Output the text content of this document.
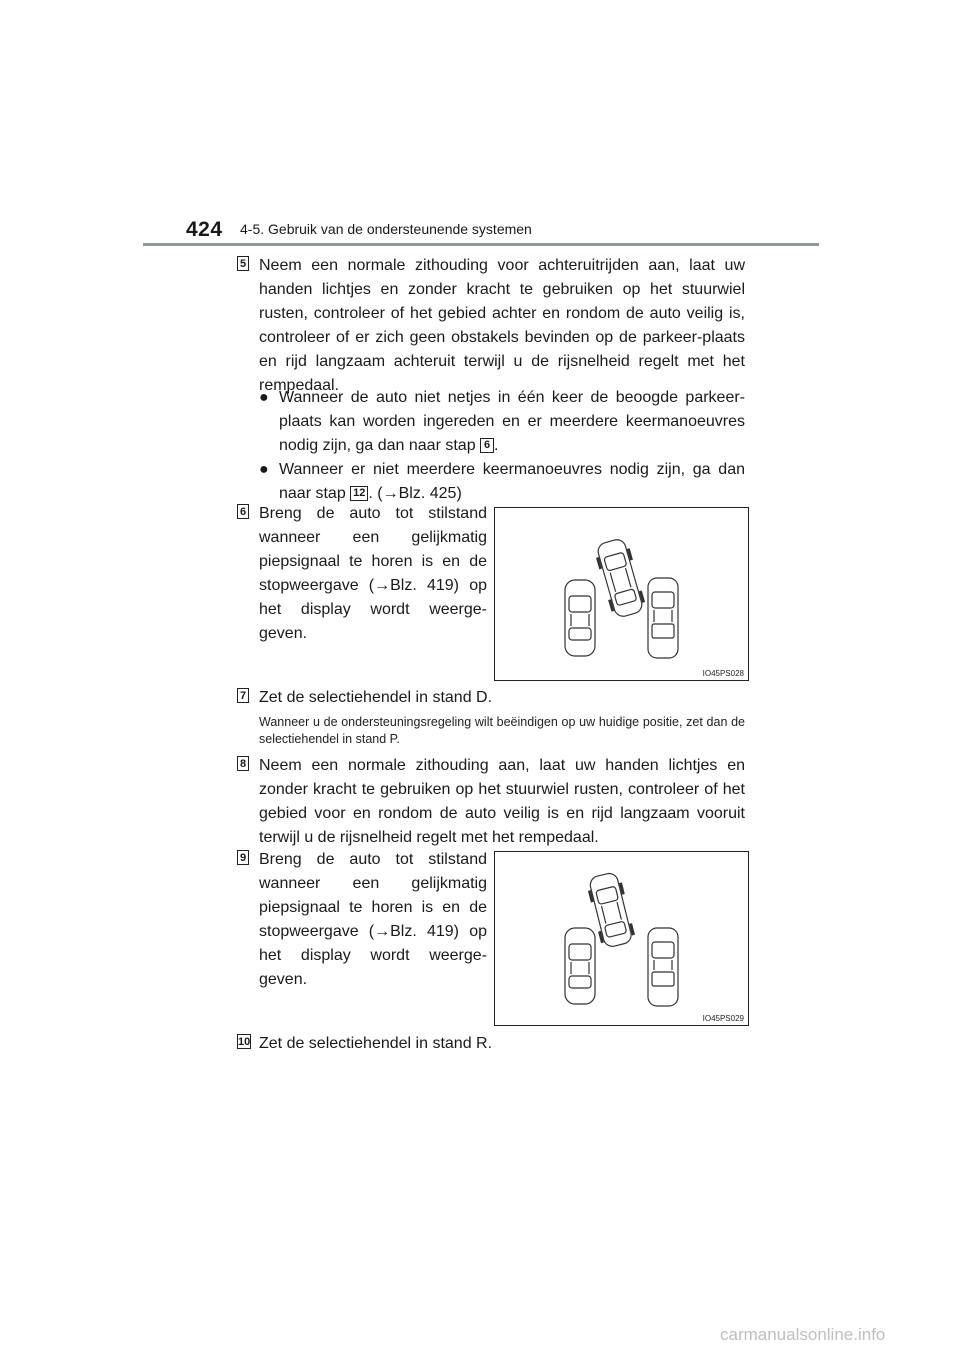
424 4-5. Gebruik van de ondersteunende systemen
5 Neem een normale zithouding voor achteruitrijden aan, laat uw handen lichtjes en zonder kracht te gebruiken op het stuurwiel rusten, controleer of het gebied achter en rondom de auto veilig is, controleer of er zich geen obstakels bevinden op de parkeer-plaats en rijd langzaam achteruit terwijl u de rijsnelheid regelt met het rempedaal.
● Wanneer de auto niet netjes in één keer de beoogde parkeer-plaats kan worden ingereden en er meerdere keermanoeuvres nodig zijn, ga dan naar stap 6 .
● Wanneer er niet meerdere keermanoeuvres nodig zijn, ga dan naar stap 12 . (→Blz. 425)
6 Breng de auto tot stilstand wanneer een gelijkmatig piepsignaal te horen is en de stopweergave (→Blz. 419) op het display wordt weerge-geven.
IO45PS028
7 Zet de selectiehendel in stand D.
Wanneer u de ondersteuningsregeling wilt beëindigen op uw huidige positie, zet dan de selectiehendel in stand P.
8 Neem een normale zithouding aan, laat uw handen lichtjes en zonder kracht te gebruiken op het stuurwiel rusten, controleer of het gebied voor en rondom de auto veilig is en rijd langzaam vooruit terwijl u de rijsnelheid regelt met het rempedaal.
9 Breng de auto tot stilstand wanneer een gelijkmatig piepsignaal te horen is en de stopweergave (→Blz. 419) op het display wordt weerge-geven.
IO45PS029
10 Zet de selectiehendel in stand R.
carmanualsonline.info
